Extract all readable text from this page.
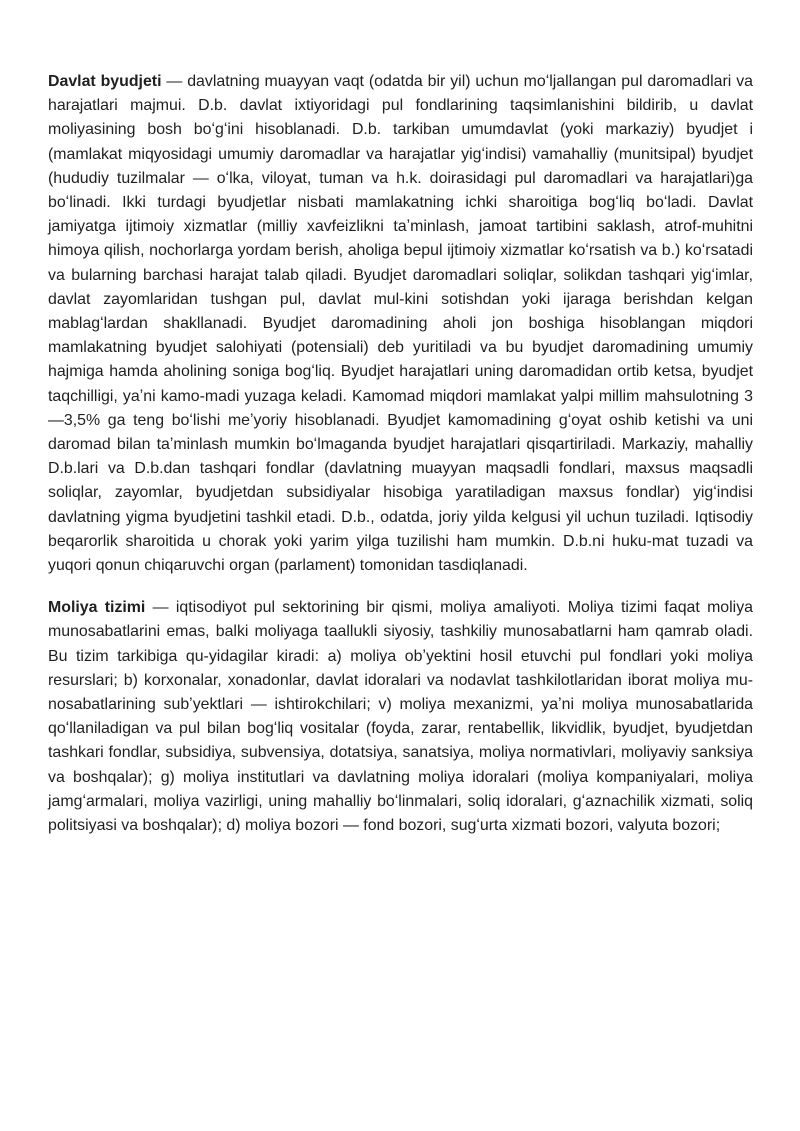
Davlat byudjeti — davlatning muayyan vaqt (odatda bir yil) uchun moʻljallangan pul daromadlari va harajatlari majmui. D.b. davlat ixtiyoridagi pul fondlarining taqsimlanishini bildirib, u davlat moliyasining bosh boʻgʻini hisoblanadi. D.b. tarkiban umumdavlat (yoki markaziy) byudjet i (mamlakat miqyosidagi umumiy daromadlar va harajatlar yigʻindisi) vamahalliy (munitsipal) byudjet (hududiy tuzilmalar — oʻlka, viloyat, tuman va h.k. doirasidagi pul daromadlari va harajatlari)ga boʻlinadi. Ikki turdagi byudjetlar nisbati mamlakatning ichki sharoitiga bogʻliq boʻladi. Davlat jamiyatga ijtimoiy xizmatlar (milliy xavfeizlikni taʼminlash, jamoat tartibini saklash, atrof-muhitni himoya qilish, nochorlarga yordam berish, aholiga bepul ijtimoiy xizmatlar koʻrsatish va b.) koʻrsatadi va bularning barchasi harajat talab qiladi. Byudjet daromadlari soliqlar, solikdan tashqari yigʻimlar, davlat zayomlaridan tushgan pul, davlat mul-kini sotishdan yoki ijaraga berishdan kelgan mablagʻlardan shakllanadi. Byudjet daromadining aholi jon boshiga hisoblangan miqdori mamlakatning byudjet salohiyati (potensiali) deb yuritiladi va bu byudjet daromadining umumiy hajmiga hamda aholining soniga bogʻliq. Byudjet harajatlari uning daromadidan ortib ketsa, byudjet taqchilligi, yaʼni kamo-madi yuzaga keladi. Kamomad miqdori mamlakat yalpi millim mahsulotning 3—3,5% ga teng boʻlishi meʼyoriy hisoblanadi. Byudjet kamomadining gʻoyat oshib ketishi va uni daromad bilan taʼminlash mumkin boʻlmaganda byudjet harajatlari qisqartiriladi. Markaziy, mahalliy D.b.lari va D.b.dan tashqari fondlar (davlatning muayyan maqsadli fondlari, maxsus maqsadli soliqlar, zayomlar, byudjetdan subsidiyalar hisobiga yaratiladigan maxsus fondlar) yigʻindisi davlatning yigma byudjetini tashkil etadi. D.b., odatda, joriy yilda kelgusi yil uchun tuziladi. Iqtisodiy beqarorlik sharoitida u chorak yoki yarim yilga tuzilishi ham mumkin. D.b.ni huku-mat tuzadi va yuqori qonun chiqaruvchi organ (parlament) tomonidan tasdiqlanadi.

Moliya tizimi — iqtisodiyot pul sektorining bir qismi, moliya amaliyoti. Moliya tizimi faqat moliya munosabatlarini emas, balki moliyaga taallukli siyosiy, tashkiliy munosabatlarni ham qamrab oladi. Bu tizim tarkibiga qu-yidagilar kiradi: a) moliya obʼyektini hosil etuvchi pul fondlari yoki moliya resurslari; b) korxonalar, xonadonlar, davlat idoralari va nodavlat tashkilotlaridan iborat moliya mu-nosabatlarining subʼyektlari — ishtirokchilari; v) moliya mexanizmi, yaʼni moliya munosabatlarida qoʻllaniladigan va pul bilan bogʻliq vositalar (foyda, zarar, rentabellik, likvidlik, byudjet, byudjetdan tashkari fondlar, subsidiya, subvensiya, dotatsiya, sanatsiya, moliya normativlari, moliyaviy sanksiya va boshqalar); g) moliya institutlari va davlatning moliya idoralari (moliya kompaniyalari, moliya jamgʻarmalari, moliya vazirligi, uning mahalliy boʻlinmalari, soliq idoralari, gʻaznachilik xizmati, soliq politsiyasi va boshqalar); d) moliya bozori — fond bozori, sugʻurta xizmati bozori, valyuta bozori;
